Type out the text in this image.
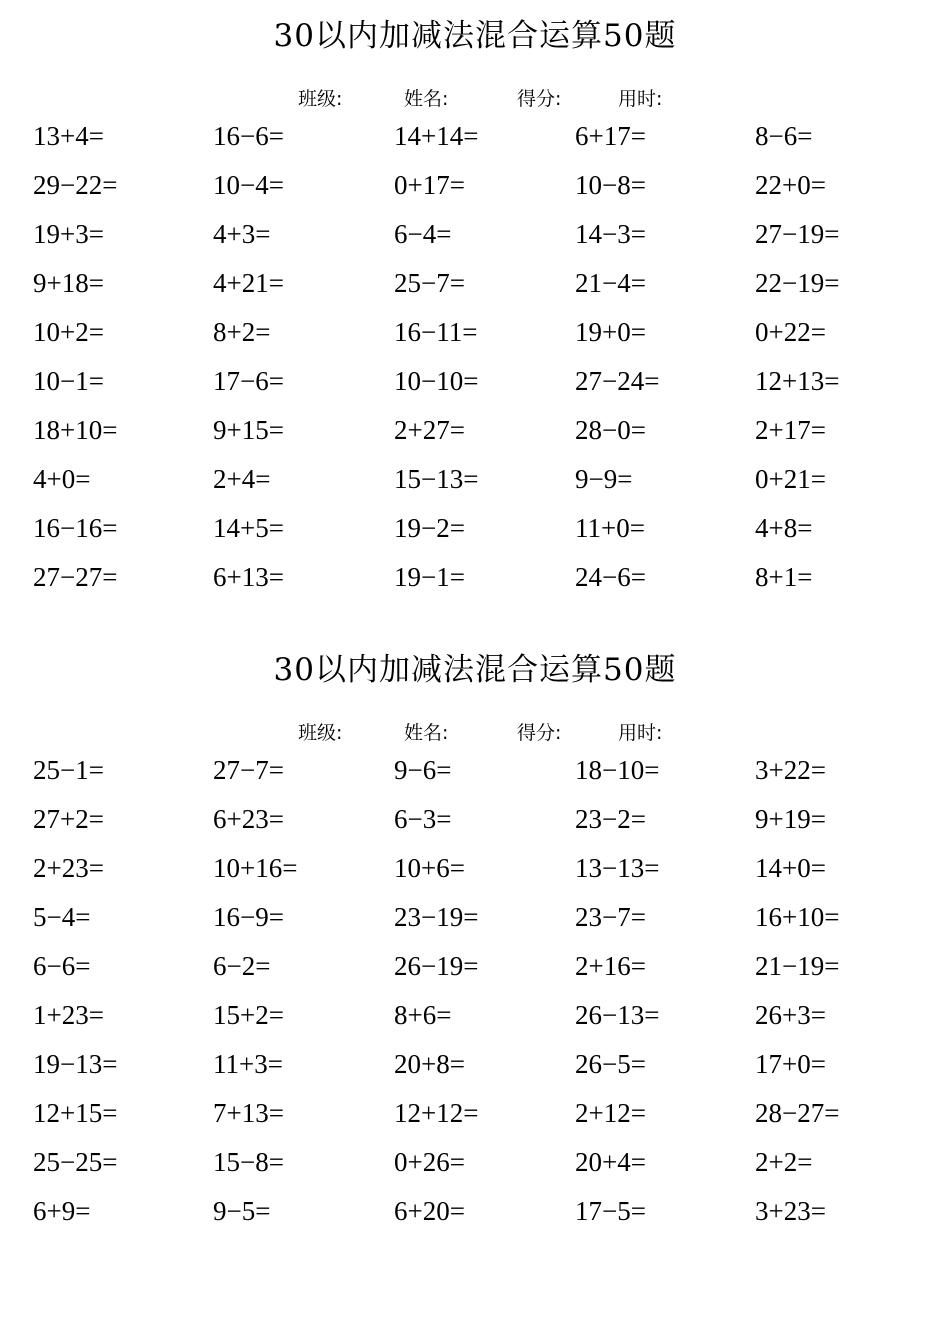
30以内加减法混合运算50题
班级:	姓名:	得分:	用时:
13+4=	16−6=	14+14=	6+17=	8−6=
29−22=	10−4=	0+17=	10−8=	22+0=
19+3=	4+3=	6−4=	14−3=	27−19=
9+18=	4+21=	25−7=	21−4=	22−19=
10+2=	8+2=	16−11=	19+0=	0+22=
10−1=	17−6=	10−10=	27−24=	12+13=
18+10=	9+15=	2+27=	28−0=	2+17=
4+0=	2+4=	15−13=	9−9=	0+21=
16−16=	14+5=	19−2=	11+0=	4+8=
27−27=	6+13=	19−1=	24−6=	8+1=
30以内加减法混合运算50题
班级:	姓名:	得分:	用时:
25−1=	27−7=	9−6=	18−10=	3+22=
27+2=	6+23=	6−3=	23−2=	9+19=
2+23=	10+16=	10+6=	13−13=	14+0=
5−4=	16−9=	23−19=	23−7=	16+10=
6−6=	6−2=	26−19=	2+16=	21−19=
1+23=	15+2=	8+6=	26−13=	26+3=
19−13=	11+3=	20+8=	26−5=	17+0=
12+15=	7+13=	12+12=	2+12=	28−27=
25−25=	15−8=	0+26=	20+4=	2+2=
6+9=	9−5=	6+20=	17−5=	3+23=
